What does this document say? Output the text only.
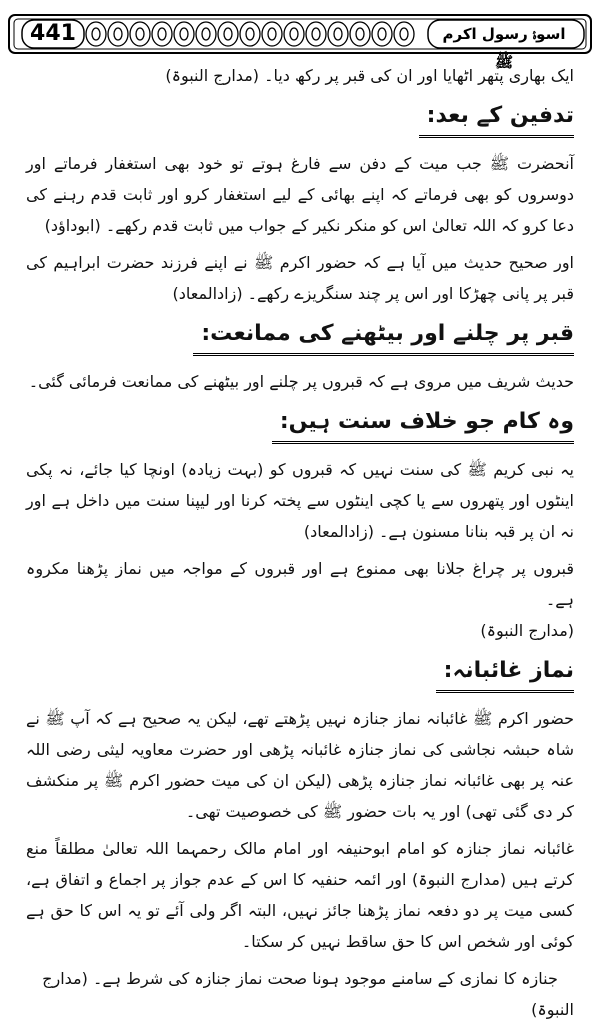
441	اسوۂ رسول اکرم ﷺ

ایک بھاری پتھر اٹھایا اور ان کی قبر پر رکھ دیا۔ (مدارج النبوۃ)

تدفین کے بعد:

آنحضرت ﷺ جب میت کے دفن سے فارغ ہوتے تو خود بھی استغفار فرماتے اور دوسروں کو بھی فرماتے کہ اپنے بھائی کے لیے استغفار کرو اور ثابت قدم رہنے کی دعا کرو کہ اللہ تعالیٰ اس کو منکر نکیر کے جواب میں ثابت قدم رکھے۔ (ابوداؤد)

اور صحیح حدیث میں آیا ہے کہ حضور اکرم ﷺ نے اپنے فرزند حضرت ابراہیم کی قبر پر پانی چھڑکا اور اس پر چند سنگریزے رکھے۔ (زادالمعاد)

قبر پر چلنے اور بیٹھنے کی ممانعت:

حدیث شریف میں مروی ہے کہ قبروں پر چلنے اور بیٹھنے کی ممانعت فرمائی گئی۔

وہ کام جو خلاف سنت ہیں:

یہ نبی کریم ﷺ کی سنت نہیں کہ قبروں کو (بہت زیادہ) اونچا کیا جائے، نہ پکی اینٹوں اور پتھروں سے یا کچی اینٹوں سے پختہ کرنا اور لیپنا سنت میں داخل ہے اور نہ ان پر قبہ بنانا مسنون ہے۔ (زادالمعاد)

قبروں پر چراغ جلانا بھی ممنوع ہے اور قبروں کے مواجہ میں نماز پڑھنا مکروہ ہے۔

(مدارج النبوۃ)

نماز غائبانہ:

حضور اکرم ﷺ غائبانہ نماز جنازہ نہیں پڑھتے تھے، لیکن یہ صحیح ہے کہ آپ ﷺ نے شاہ حبشہ نجاشی کی نماز جنازہ غائبانہ پڑھی اور حضرت معاویہ لیثی رضی اللہ عنہ پر بھی غائبانہ نماز جنازہ پڑھی (لیکن ان کی میت حضور اکرم ﷺ پر منکشف کر دی گئی تھی) اور یہ بات حضور ﷺ کی خصوصیت تھی۔

غائبانہ نماز جنازہ کو امام ابوحنیفہ اور امام مالک رحمہما اللہ تعالیٰ مطلقاً منع کرتے ہیں (مدارج النبوۃ) اور ائمہ حنفیہ کا اس کے عدم جواز پر اجماع و اتفاق ہے، کسی میت پر دو دفعہ نماز پڑھنا جائز نہیں، البتہ اگر ولی آئے تو یہ اس کا حق ہے کوئی اور شخص اس کا حق ساقط نہیں کر سکتا۔

جنازہ کا نمازی کے سامنے موجود ہونا صحت نماز جنازہ کی شرط ہے۔ (مدارج النبوۃ)
